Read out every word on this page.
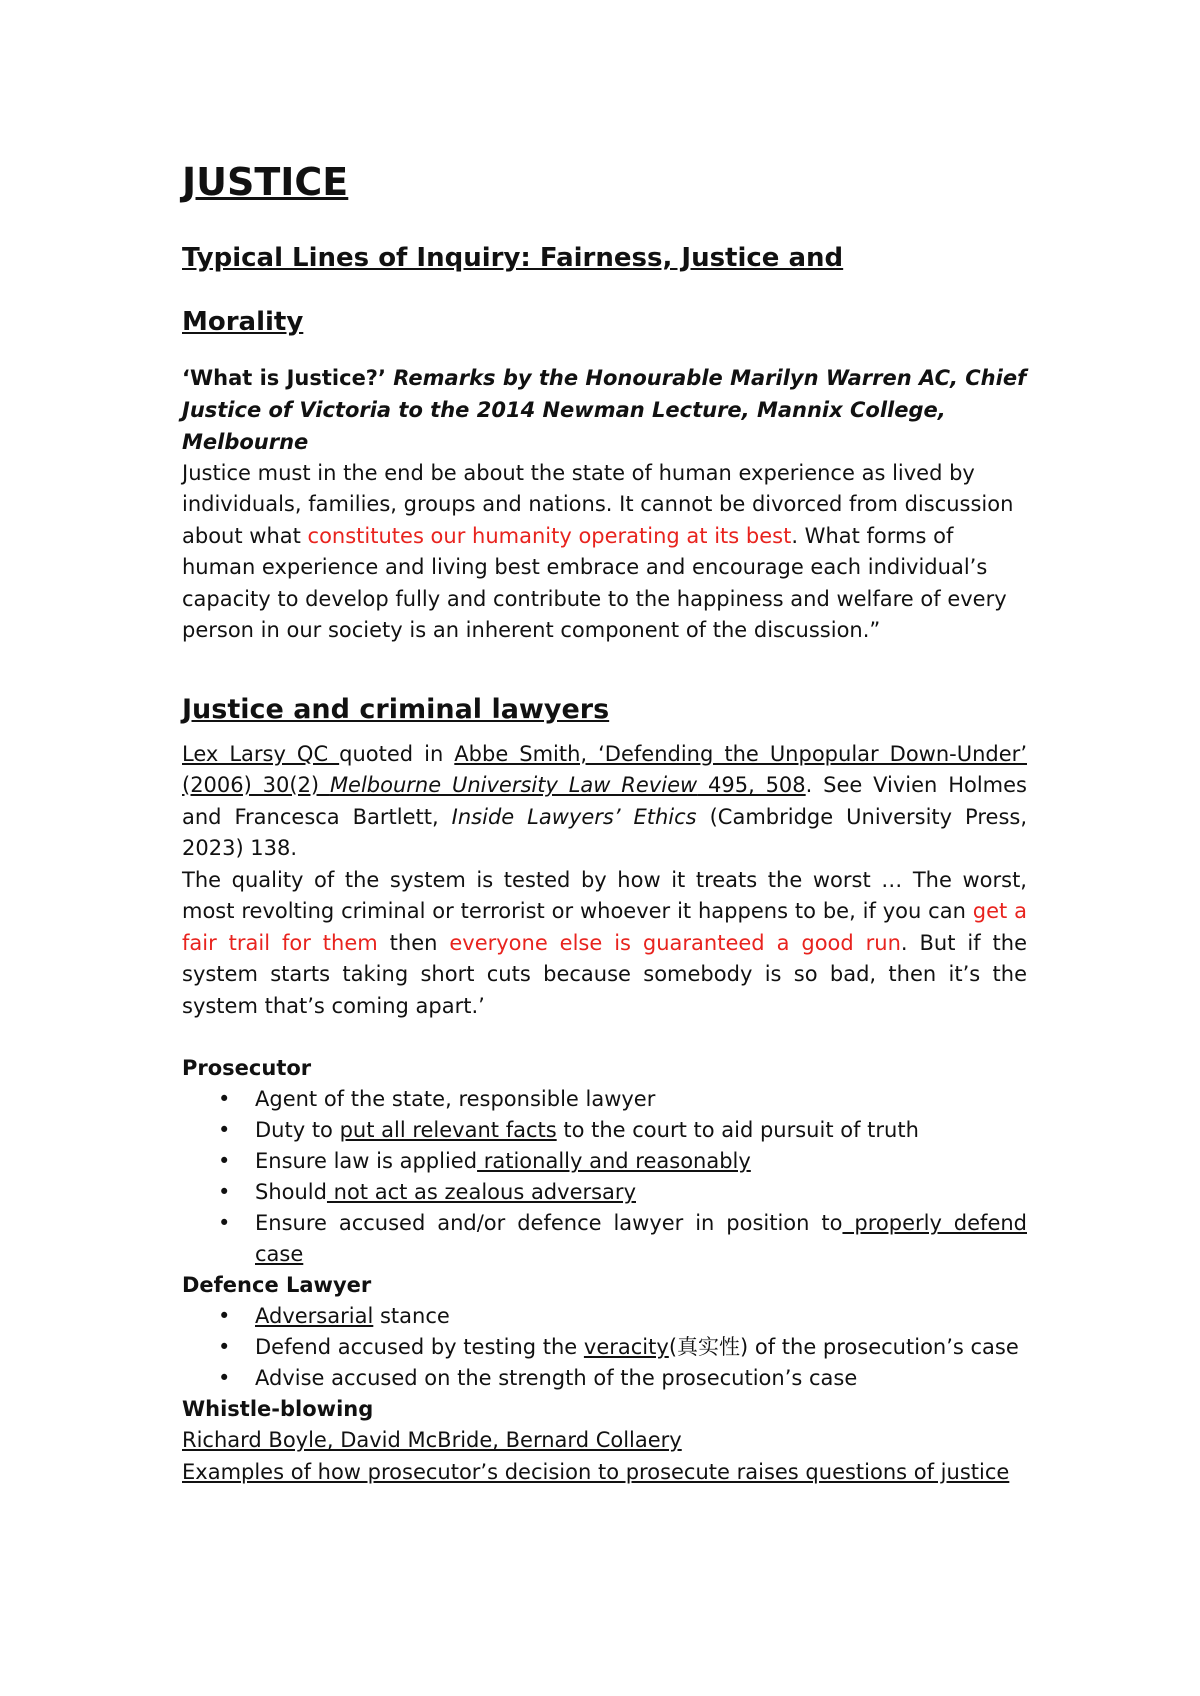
JUSTICE
Typical Lines of Inquiry: Fairness, Justice and
Morality
‘What is Justice?’ Remarks by the Honourable Marilyn Warren AC, Chief Justice of Victoria to the 2014 Newman Lecture, Mannix College, Melbourne
Justice must in the end be about the state of human experience as lived by individuals, families, groups and nations. It cannot be divorced from discussion about what constitutes our humanity operating at its best. What forms of human experience and living best embrace and encourage each individual’s capacity to develop fully and contribute to the happiness and welfare of every person in our society is an inherent component of the discussion.”
Justice and criminal lawyers
Lex Larsy QC quoted in Abbe Smith, ‘Defending the Unpopular Down-Under’ (2006) 30(2) Melbourne University Law Review 495, 508. See Vivien Holmes and Francesca Bartlett, Inside Lawyers’ Ethics (Cambridge University Press, 2023) 138.
The quality of the system is tested by how it treats the worst … The worst, most revolting criminal or terrorist or whoever it happens to be, if you can get a fair trail for them then everyone else is guaranteed a good run. But if the system starts taking short cuts because somebody is so bad, then it’s the system that’s coming apart.’
Prosecutor
• Agent of the state, responsible lawyer
• Duty to put all relevant facts to the court to aid pursuit of truth
• Ensure law is applied rationally and reasonably
• Should not act as zealous adversary
• Ensure accused and/or defence lawyer in position to properly defend case
Defence Lawyer
• Adversarial stance
• Defend accused by testing the veracity(真实性) of the prosecution’s case
• Advise accused on the strength of the prosecution’s case
Whistle-blowing
Richard Boyle, David McBride, Bernard Collaery
Examples of how prosecutor’s decision to prosecute raises questions of justice
